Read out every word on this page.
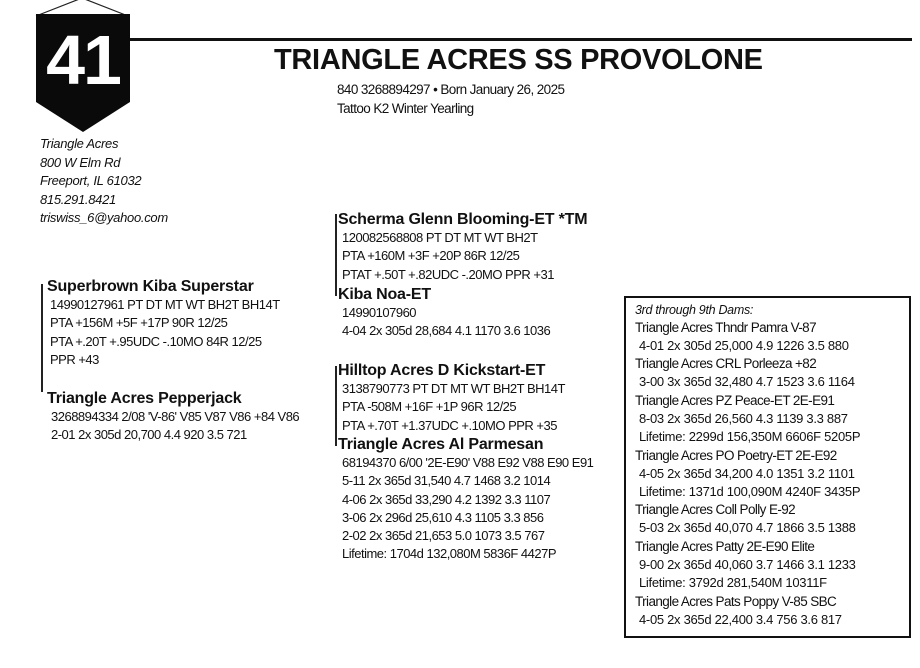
41	TRIANGLE ACRES SS PROVOLONE
840 3268894297 • Born January 26, 2025
Tattoo K2 Winter Yearling
Triangle Acres
800 W Elm Rd
Freeport, IL 61032
815.291.8421
triswiss_6@yahoo.com
Superbrown Kiba Superstar
14990127961 PT DT MT WT BH2T BH14T
PTA +156M +5F +17P 90R 12/25
PTA +.20T +.95UDC -.10MO 84R 12/25
PPR +43
Triangle Acres Pepperjack
3268894334 2/08 'V-86' V85 V87 V86 +84 V86
2-01 2x 305d 20,700 4.4 920 3.5 721
Scherma Glenn Blooming-ET *TM
120082568808 PT DT MT WT BH2T
PTA +160M +3F +20P 86R 12/25
PTAT +.50T +.82UDC -.20MO PPR +31
Kiba Noa-ET
14990107960
4-04 2x 305d 28,684 4.1 1170 3.6 1036
Hilltop Acres D Kickstart-ET
3138790773 PT DT MT WT BH2T BH14T
PTA -508M +16F +1P 96R 12/25
PTA +.70T +1.37UDC +.10MO PPR +35
Triangle Acres Al Parmesan
68194370 6/00 '2E-E90' V88 E92 V88 E90 E91
5-11 2x 365d 31,540 4.7 1468 3.2 1014
4-06 2x 365d 33,290 4.2 1392 3.3 1107
3-06 2x 296d 25,610 4.3 1105 3.3 856
2-02 2x 365d 21,653 5.0 1073 3.5 767
Lifetime: 1704d 132,080M 5836F 4427P
3rd through 9th Dams:
Triangle Acres Thndr Pamra V-87
4-01 2x 305d 25,000 4.9 1226 3.5 880
Triangle Acres CRL Porleeza +82
3-00 3x 365d 32,480 4.7 1523 3.6 1164
Triangle Acres PZ Peace-ET 2E-E91
8-03 2x 365d 26,560 4.3 1139 3.3 887
Lifetime: 2299d 156,350M 6606F 5205P
Triangle Acres PO Poetry-ET 2E-E92
4-05 2x 365d 34,200 4.0 1351 3.2 1101
Lifetime: 1371d 100,090M 4240F 3435P
Triangle Acres Coll Polly E-92
5-03 2x 365d 40,070 4.7 1866 3.5 1388
Triangle Acres Patty 2E-E90 Elite
9-00 2x 365d 40,060 3.7 1466 3.1 1233
Lifetime: 3792d 281,540M 10311F
Triangle Acres Pats Poppy V-85 SBC
4-05 2x 365d 22,400 3.4 756 3.6 817
